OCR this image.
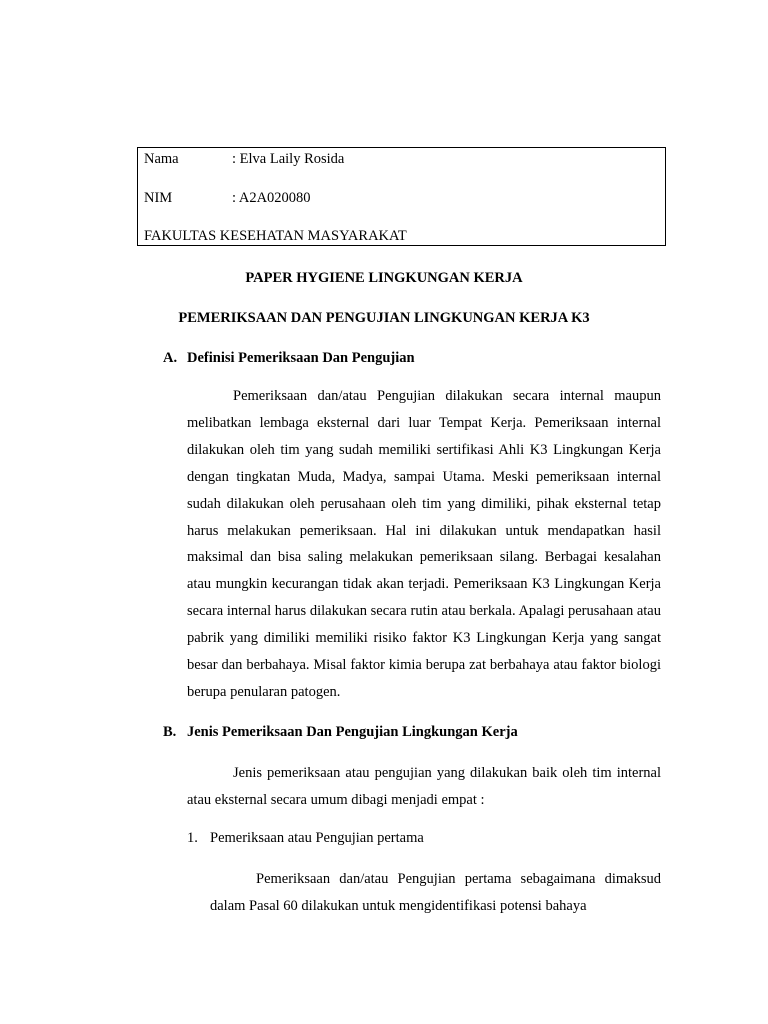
Nama	: Elva Laily Rosida
NIM	: A2A020080
FAKULTAS KESEHATAN MASYARAKAT
PAPER HYGIENE LINGKUNGAN KERJA
PEMERIKSAAN DAN PENGUJIAN LINGKUNGAN KERJA K3
A. Definisi Pemeriksaan Dan Pengujian
Pemeriksaan dan/atau Pengujian dilakukan secara internal maupun melibatkan lembaga eksternal dari luar Tempat Kerja. Pemeriksaan internal dilakukan oleh tim yang sudah memiliki sertifikasi Ahli K3 Lingkungan Kerja dengan tingkatan Muda, Madya, sampai Utama. Meski pemeriksaan internal sudah dilakukan oleh perusahaan oleh tim yang dimiliki, pihak eksternal tetap harus melakukan pemeriksaan. Hal ini dilakukan untuk mendapatkan hasil maksimal dan bisa saling melakukan pemeriksaan silang. Berbagai kesalahan atau mungkin kecurangan tidak akan terjadi. Pemeriksaan K3 Lingkungan Kerja secara internal harus dilakukan secara rutin atau berkala. Apalagi perusahaan atau pabrik yang dimiliki memiliki risiko faktor K3 Lingkungan Kerja yang sangat besar dan berbahaya. Misal faktor kimia berupa zat berbahaya atau faktor biologi berupa penularan patogen.
B. Jenis Pemeriksaan Dan Pengujian Lingkungan Kerja
Jenis pemeriksaan atau pengujian yang dilakukan baik oleh tim internal atau eksternal secara umum dibagi menjadi empat :
1. Pemeriksaan atau Pengujian pertama
Pemeriksaan dan/atau Pengujian pertama sebagaimana dimaksud dalam Pasal 60 dilakukan untuk mengidentifikasi potensi bahaya
